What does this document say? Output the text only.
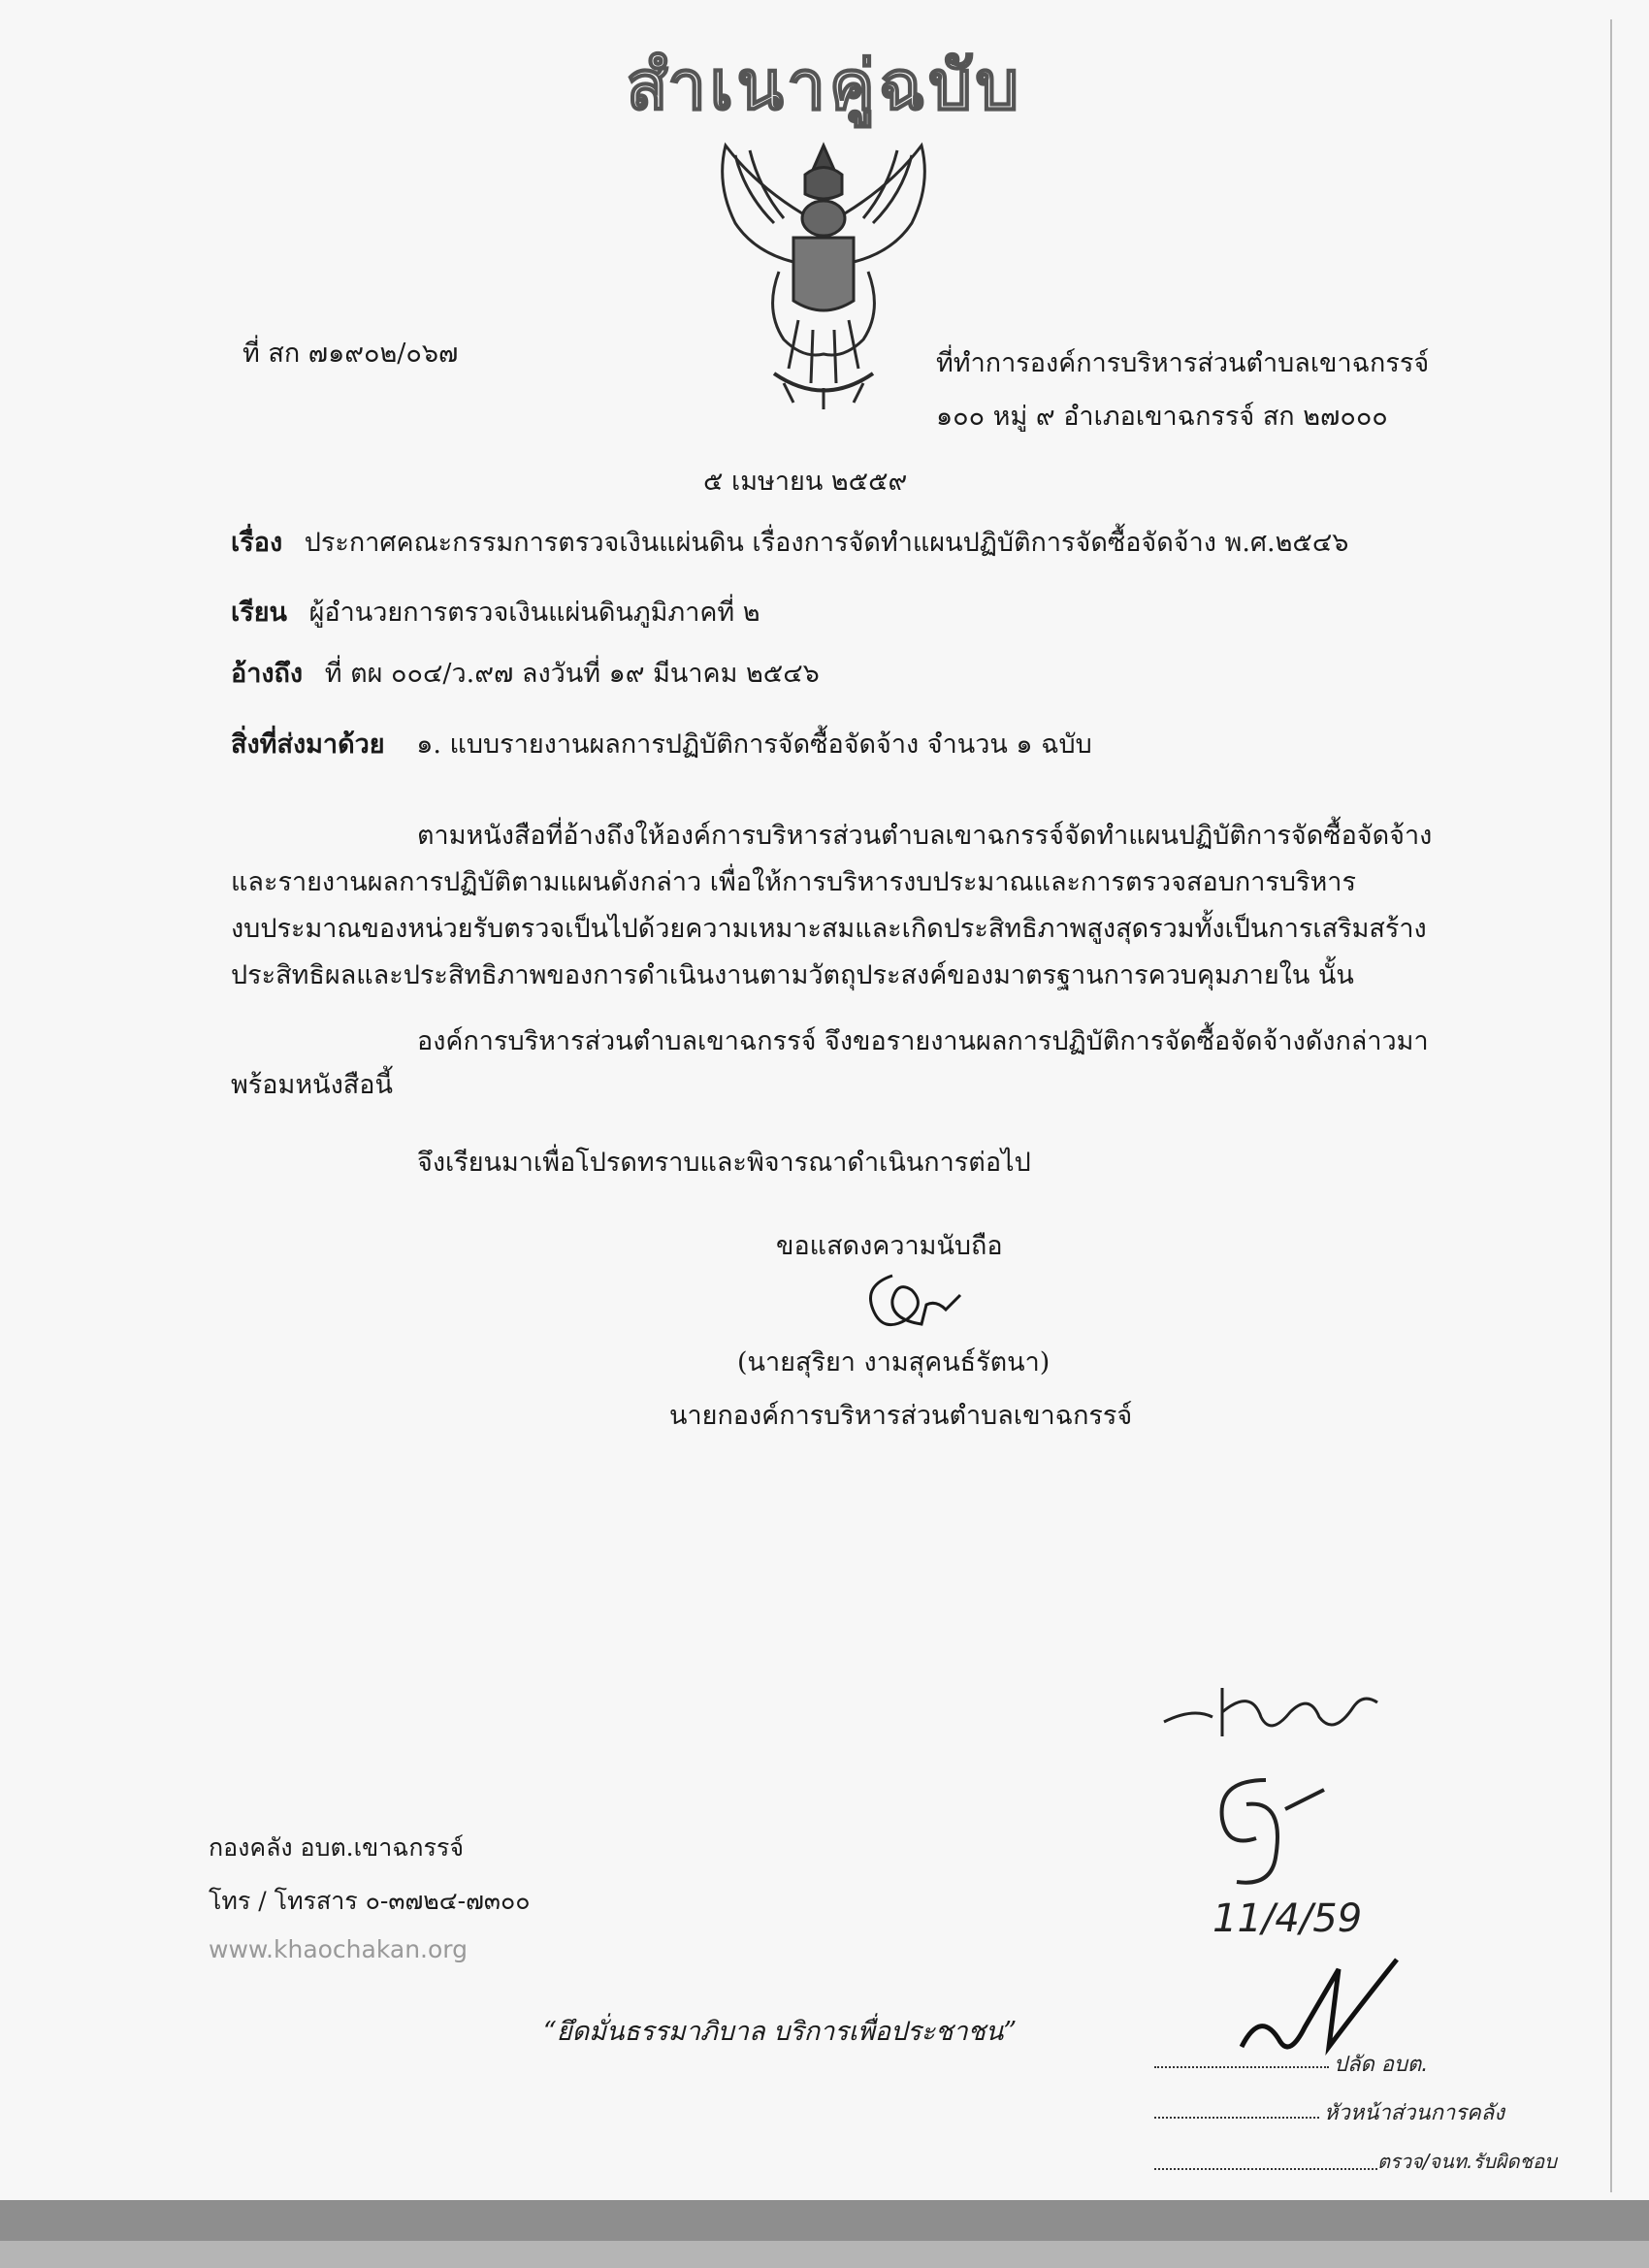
สำเนาคู่ฉบับ
ที่ สก ๗๑๙๐๒/๐๖๗	ที่ทำการองค์การบริหารส่วนตำบลเขาฉกรรจ์
๑๐๐ หมู่ ๙ อำเภอเขาฉกรรจ์ สก ๒๗๐๐๐
๕ เมษายน ๒๕๕๙
เรื่อง ประกาศคณะกรรมการตรวจเงินแผ่นดิน เรื่องการจัดทำแผนปฏิบัติการจัดซื้อจัดจ้าง พ.ศ.๒๕๔๖
เรียน ผู้อำนวยการตรวจเงินแผ่นดินภูมิภาคที่ ๒
อ้างถึง ที่ ตผ ๐๐๔/ว.๙๗ ลงวันที่ ๑๙ มีนาคม ๒๕๔๖
สิ่งที่ส่งมาด้วย ๑. แบบรายงานผลการปฏิบัติการจัดซื้อจัดจ้าง จำนวน ๑ ฉบับ
ตามหนังสือที่อ้างถึงให้องค์การบริหารส่วนตำบลเขาฉกรรจ์จัดทำแผนปฏิบัติการจัดซื้อจัดจ้าง
และรายงานผลการปฏิบัติตามแผนดังกล่าว เพื่อให้การบริหารงบประมาณและการตรวจสอบการบริหาร
งบประมาณของหน่วยรับตรวจเป็นไปด้วยความเหมาะสมและเกิดประสิทธิภาพสูงสุดรวมทั้งเป็นการเสริมสร้าง
ประสิทธิผลและประสิทธิภาพของการดำเนินงานตามวัตถุประสงค์ของมาตรฐานการควบคุมภายใน นั้น
องค์การบริหารส่วนตำบลเขาฉกรรจ์ จึงขอรายงานผลการปฏิบัติการจัดซื้อจัดจ้างดังกล่าวมา
พร้อมหนังสือนี้
จึงเรียนมาเพื่อโปรดทราบและพิจารณาดำเนินการต่อไป
ขอแสดงความนับถือ
(นายสุริยา งามสุคนธ์รัตนา)
นายกองค์การบริหารส่วนตำบลเขาฉกรรจ์
11/4/59
ปลัด อบต.
หัวหน้าส่วนการคลัง
ตรวจ/จนท.รับผิดชอบ
กองคลัง อบต.เขาฉกรรจ์
โทร / โทรสาร ๐-๓๗๒๔-๗๓๐๐
www.khaochakan.org
“ยึดมั่นธรรมาภิบาล บริการเพื่อประชาชน”
